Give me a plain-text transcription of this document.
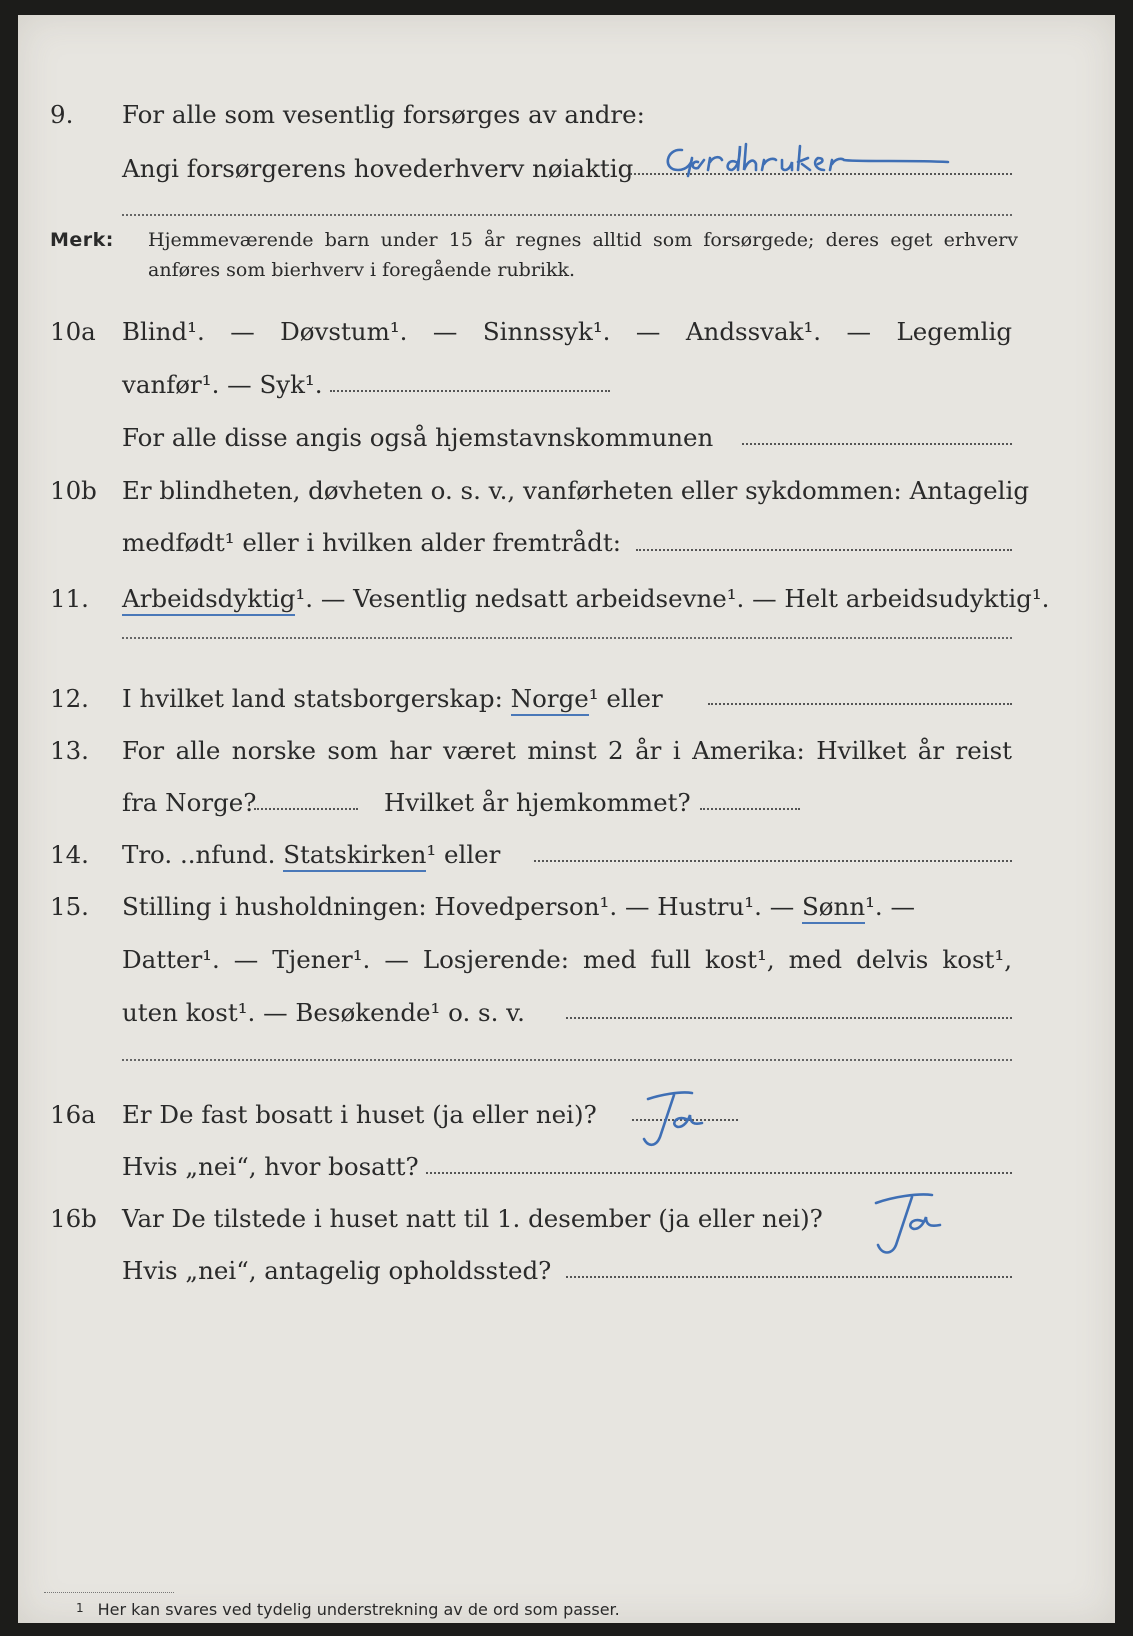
9. For alle som vesentlig forsørges av andre:
Angi forsørgerens hovederhverv nøiaktig
Merk: Hjemmeværende barn under 15 år regnes alltid som forsørgede; deres eget erhverv
anføres som bierhverv i foregående rubrikk.
10a Blind¹. — Døvstum¹. — Sinnssyk¹. — Andssvak¹. — Legemlig
vanfør¹. — Syk¹.
For alle disse angis også hjemstavnskommunen
10b Er blindheten, døvheten o. s. v., vanførheten eller sykdommen: Antagelig
medfødt¹ eller i hvilken alder fremtrådt:
11. Arbeidsdyktig¹. — Vesentlig nedsatt arbeidsevne¹. — Helt arbeidsudyktig¹.
12. I hvilket land statsborgerskap: Norge¹ eller
13. For alle norske som har været minst 2 år i Amerika: Hvilket år reist
fra Norge?	Hvilket år hjemkommet?
14. Tro. ..nfund. Statskirken¹ eller
15. Stilling i husholdningen: Hovedperson¹. — Hustru¹. — Sønn¹. —
Datter¹. — Tjener¹. — Losjerende: med full kost¹, med delvis kost¹,
uten kost¹. — Besøkende¹ o. s. v.
16a Er De fast bosatt i huset (ja eller nei)?
Hvis „nei“, hvor bosatt?
16b Var De tilstede i huset natt til 1. desember (ja eller nei)?
Hvis „nei“, antagelig opholdssted?
1 Her kan svares ved tydelig understrekning av de ord som passer.
